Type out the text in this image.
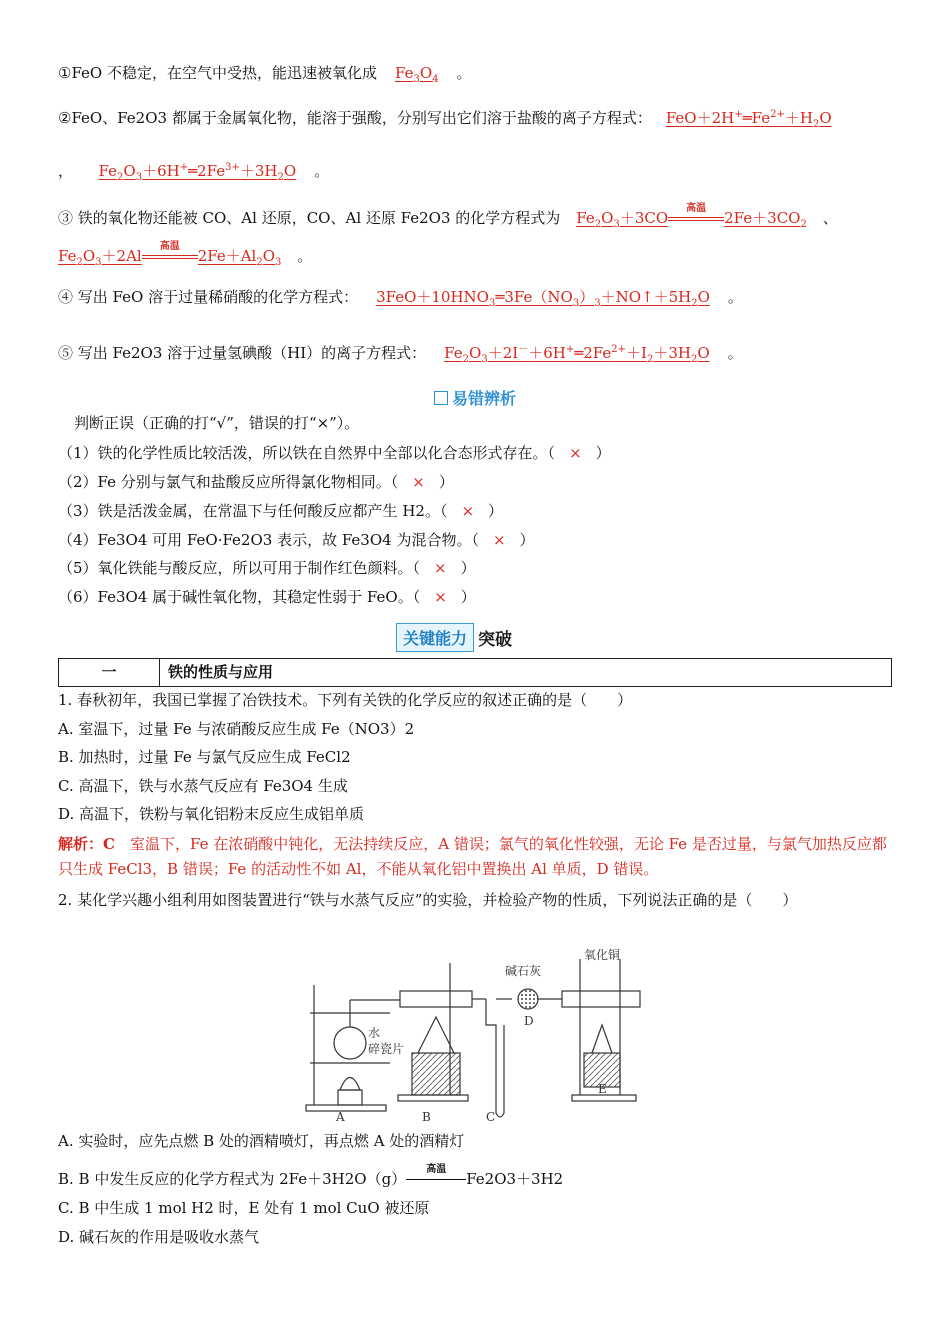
①FeO 不稳定，在空气中受热，能迅速被氧化成 $Fe_3O_4$ 。
②FeO、Fe2O3 都属于金属氧化物，能溶于强酸，分别写出它们溶于盐酸的离子方程式： $FeO+2H^+═Fe^{2+}+H_2O$
，　 $Fe_2O_3+6H^+═2Fe^{3+}+3H_2O$ 。
③ 铁的氧化物还能被 CO、Al 还原，CO、Al 还原 Fe2O3 的化学方程式为 $Fe_2O_3+3CO$
高温
$2Fe+3CO_2$ 、
$Fe_2O_3+2Al$
高温
$2Fe+Al_2O_3$ 。
④ 写出 FeO 溶于过量稀硝酸的化学方程式： $3FeO+10HNO_3═3Fe(NO_3)_3+NO↑+5H_2O$ 。
⑤ 写出 Fe2O3 溶于过量氢碘酸（HI）的离子方程式： $Fe_2O_3+2I^-+6H^+═2Fe^{2+}+I_2+3H_2O$ 。
易错辨析
判断正误（正确的打“√”，错误的打“×”）。
（1）铁的化学性质比较活泼，所以铁在自然界中全部以化合态形式存在。（ × ）
（2）Fe 分别与氯气和盐酸反应所得氯化物相同。（ × ）
（3）铁是活泼金属，在常温下与任何酸反应都产生 H2。（ × ）
（4）Fe3O4 可用 FeO·Fe2O3 表示，故 Fe3O4 为混合物。（ × ）
（5）氧化铁能与酸反应，所以可用于制作红色颜料。（ × ）
（6）Fe3O4 属于碱性氧化物，其稳定性弱于 FeO。（ × ）
关键能力 突破
一	铁的性质与应用
1. 春秋初年，我国已掌握了冶铁技术。下列有关铁的化学反应的叙述正确的是（　　）
A. 室温下，过量 Fe 与浓硝酸反应生成 Fe（NO3）2
B. 加热时，过量 Fe 与氯气反应生成 FeCl2
C. 高温下，铁与水蒸气反应有 Fe3O4 生成
D. 高温下，铁粉与氧化铝粉末反应生成铝单质
解析：C　 室温下，Fe 在浓硝酸中钝化，无法持续反应，A 错误；氯气的氧化性较强，无论 Fe 是否过量，与氯气加热反应都只生成 FeCl3，B 错误；Fe 的活动性不如 Al，不能从氧化铝中置换出 Al 单质，D 错误。
2. 某化学兴趣小组利用如图装置进行“铁与水蒸气反应”的实验，并检验产物的性质，下列说法正确的是（　　）
水
碎瓷片
碱石灰
氧化铜
A	B	C
D
E
A. 实验时，应先点燃 B 处的酒精喷灯，再点燃 A 处的酒精灯
B. B 中发生反应的化学方程式为 2Fe＋3H2O（g）
高温
Fe2O3＋3H2
C. B 中生成 1 mol H2 时，E 处有 1 mol CuO 被还原
D. 碱石灰的作用是吸收水蒸气
